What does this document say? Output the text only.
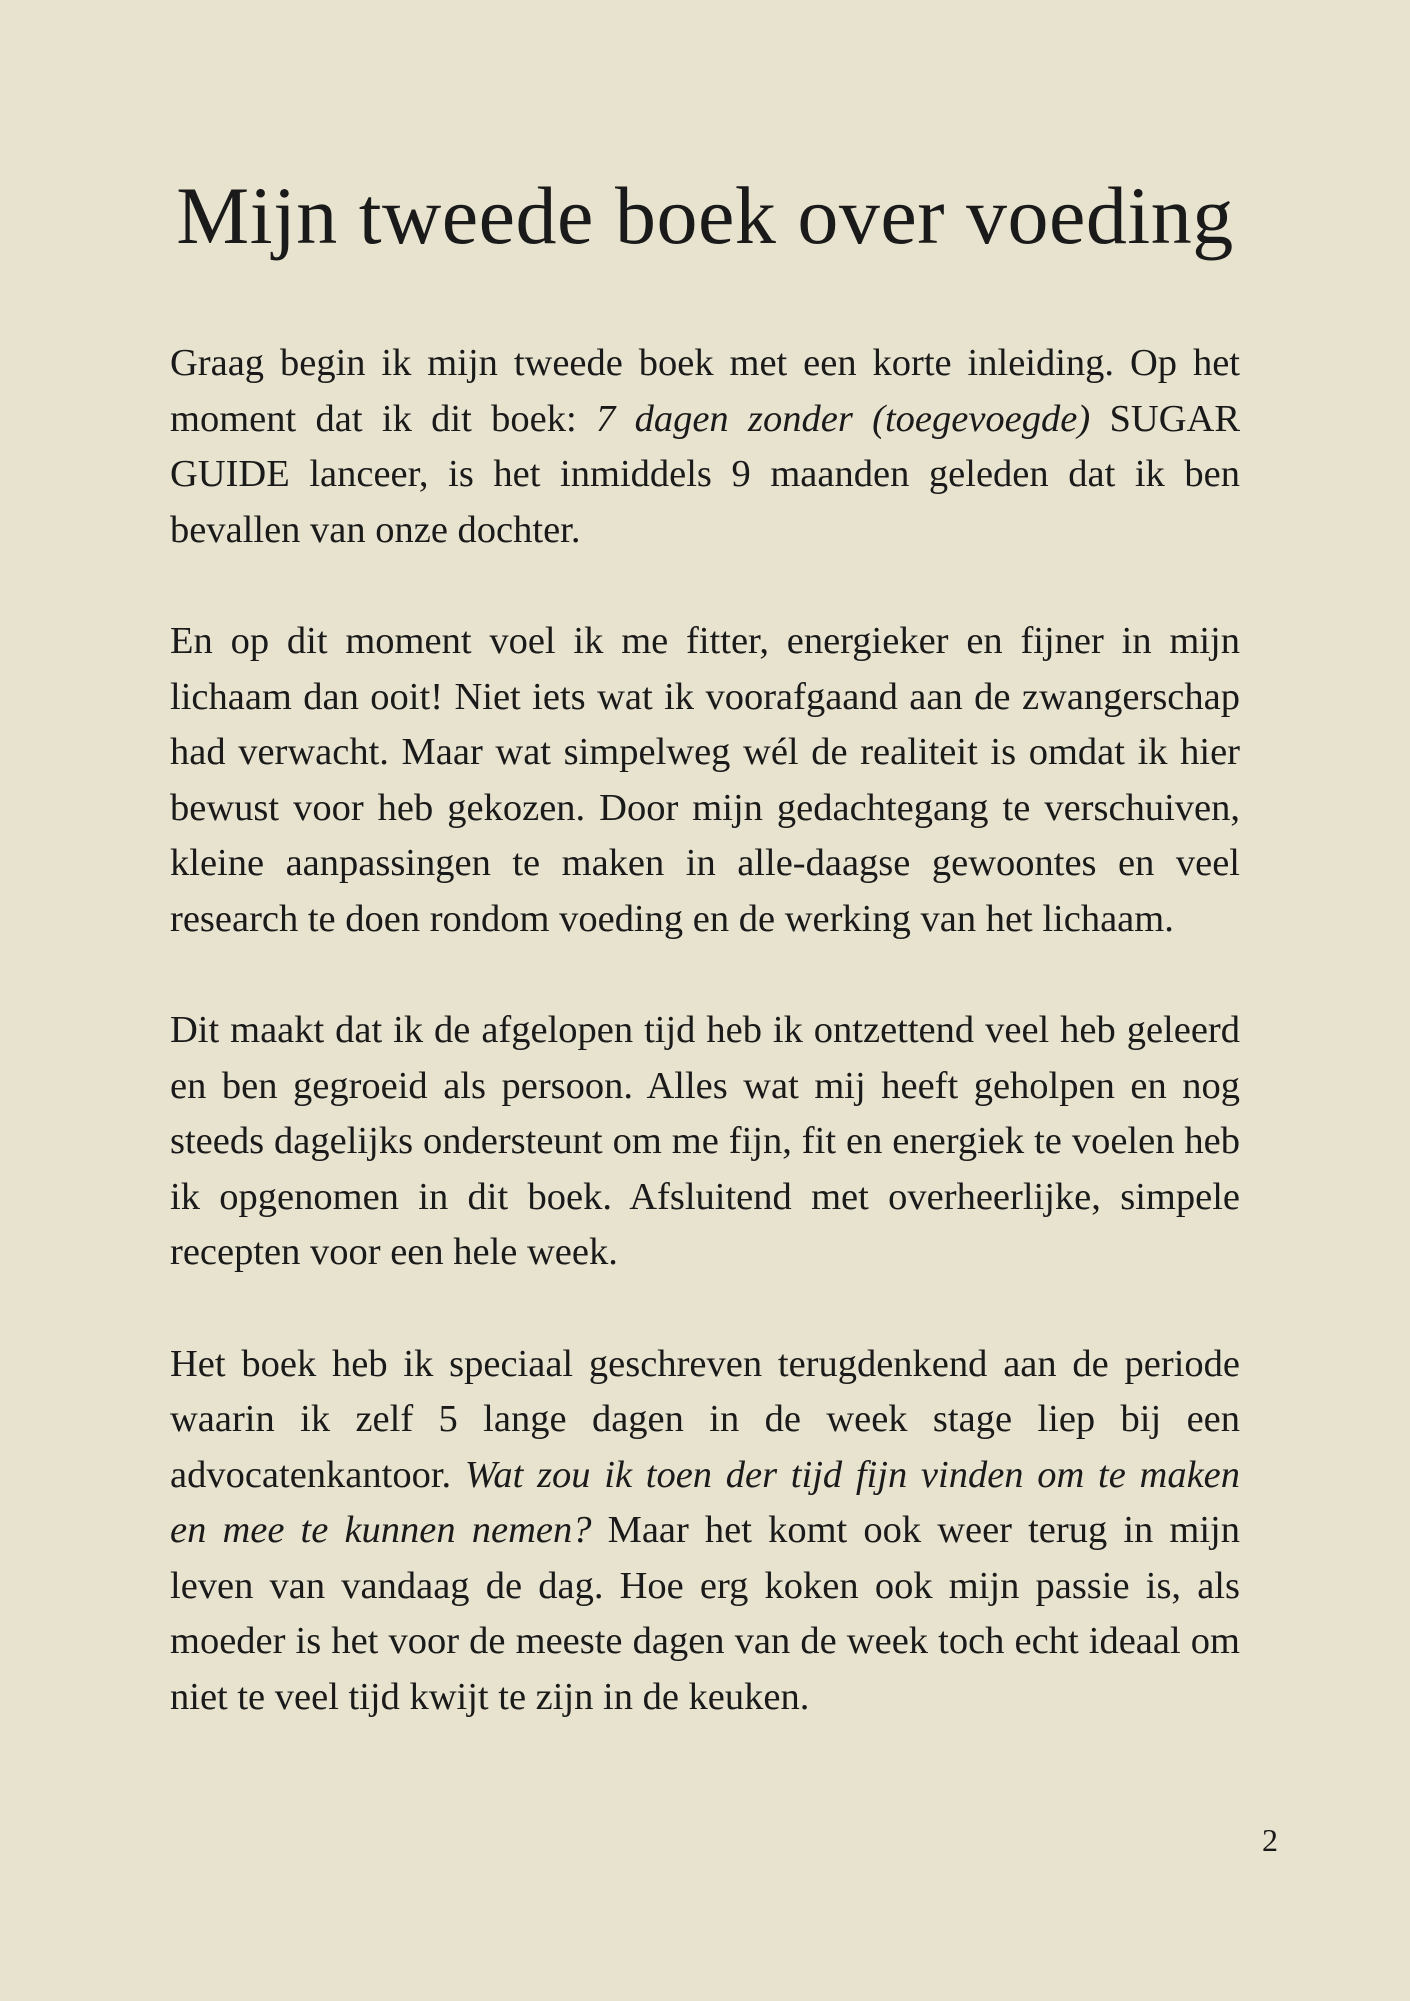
Mijn tweede boek over voeding

Graag begin ik mijn tweede boek met een korte inleiding. Op het moment dat ik dit boek: 7 dagen zonder (toegevoegde) SUGAR GUIDE lanceer, is het inmiddels 9 maanden geleden dat ik ben bevallen van onze dochter.

En op dit moment voel ik me fitter, energieker en fijner in mijn lichaam dan ooit! Niet iets wat ik voorafgaand aan de zwangerschap had verwacht. Maar wat simpelweg wél de realiteit is omdat ik hier bewust voor heb gekozen. Door mijn gedachtegang te verschuiven, kleine aanpassingen te maken in alle-daagse gewoontes en veel research te doen rondom voeding en de werking van het lichaam.

Dit maakt dat ik de afgelopen tijd heb ik ontzettend veel heb geleerd en ben gegroeid als persoon. Alles wat mij heeft geholpen en nog steeds dagelijks ondersteunt om me fijn, fit en energiek te voelen heb ik opgenomen in dit boek. Afsluitend met overheerlijke, simpele recepten voor een hele week.

Het boek heb ik speciaal geschreven terugdenkend aan de periode waarin ik zelf 5 lange dagen in de week stage liep bij een advocatenkantoor. Wat zou ik toen der tijd fijn vinden om te maken en mee te kunnen nemen? Maar het komt ook weer terug in mijn leven van vandaag de dag. Hoe erg koken ook mijn passie is, als moeder is het voor de meeste dagen van de week toch echt ideaal om niet te veel tijd kwijt te zijn in de keuken.

2
